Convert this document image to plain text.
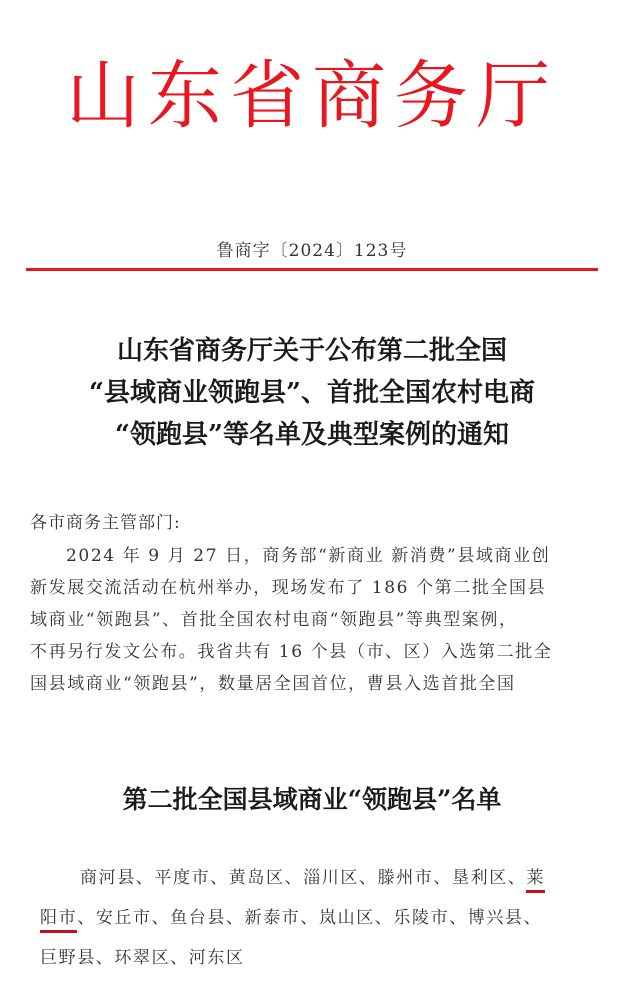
山东省商务厅
鲁商字〔2024〕123号
山东省商务厅关于公布第二批全国
“县域商业领跑县”、首批全国农村电商
“领跑县”等名单及典型案例的通知
各市商务主管部门:
2024 年 9 月 27 日，商务部“新商业 新消费”县域商业创
新发展交流活动在杭州举办，现场发布了 186 个第二批全国县
域商业“领跑县”、首批全国农村电商“领跑县”等典型案例，
不再另行发文公布。我省共有 16 个县（市、区）入选第二批全
国县域商业“领跑县”，数量居全国首位，曹县入选首批全国
第二批全国县域商业“领跑县”名单
商河县、平度市、黄岛区、淄川区、滕州市、垦利区、莱
阳市、安丘市、鱼台县、新泰市、岚山区、乐陵市、博兴县、
巨野县、环翠区、河东区
